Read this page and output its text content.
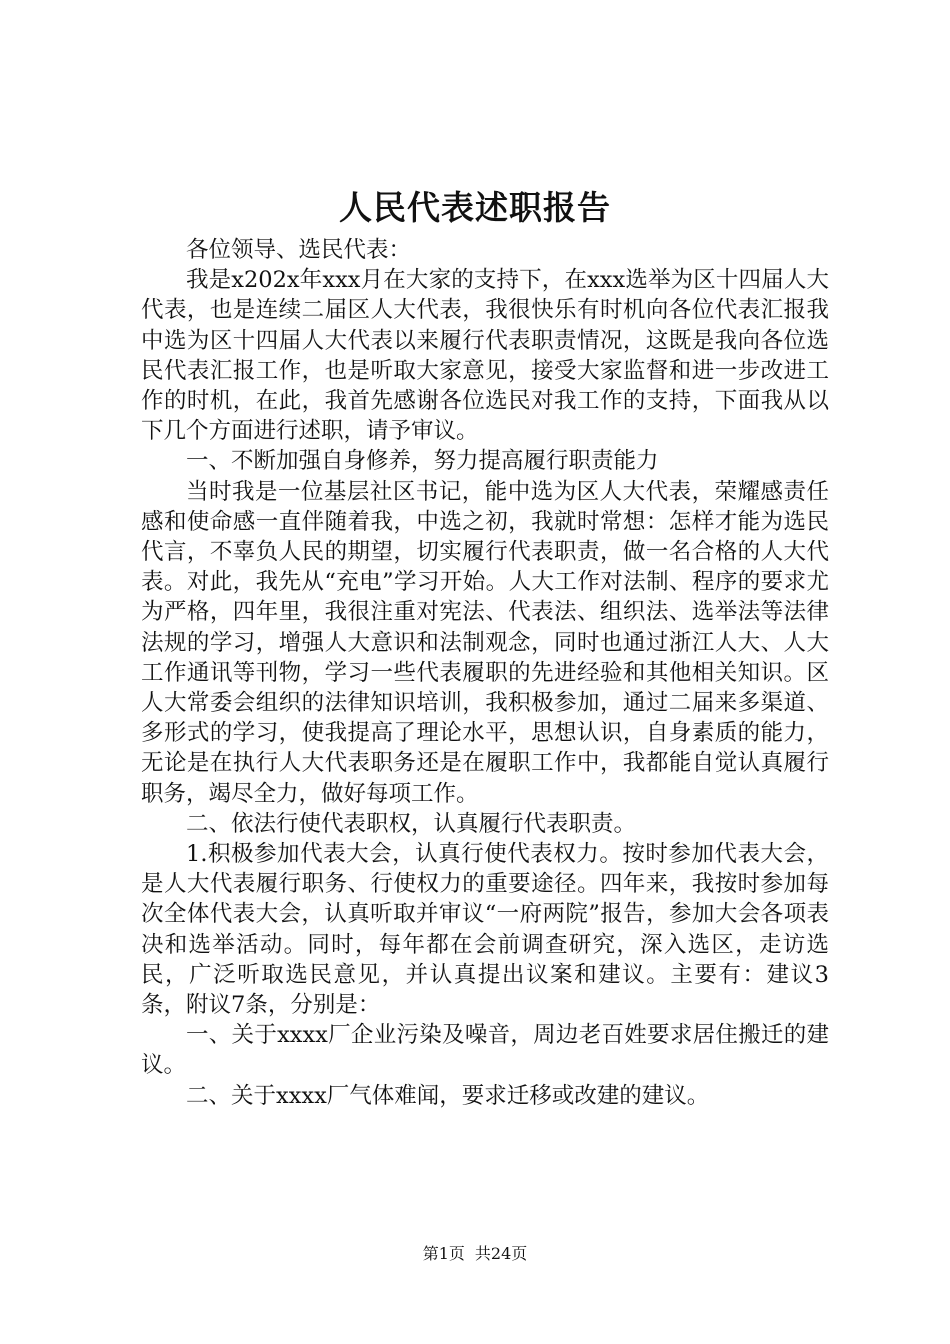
人民代表述职报告

各位领导、选民代表：

我是x202x年xxx月在大家的支持下，在xxx选举为区十四届人大代表，也是连续二届区人大代表，我很快乐有时机向各位代表汇报我中选为区十四届人大代表以来履行代表职责情况，这既是我向各位选民代表汇报工作，也是听取大家意见，接受大家监督和进一步改进工作的时机，在此，我首先感谢各位选民对我工作的支持，下面我从以下几个方面进行述职，请予审议。

一、不断加强自身修养，努力提高履行职责能力

当时我是一位基层社区书记，能中选为区人大代表，荣耀感责任感和使命感一直伴随着我，中选之初，我就时常想：怎样才能为选民代言，不辜负人民的期望，切实履行代表职责，做一名合格的人大代表。对此，我先从“充电”学习开始。人大工作对法制、程序的要求尤为严格，四年里，我很注重对宪法、代表法、组织法、选举法等法律法规的学习，增强人大意识和法制观念，同时也通过浙江人大、人大工作通讯等刊物，学习一些代表履职的先进经验和其他相关知识。区人大常委会组织的法律知识培训，我积极参加，通过二届来多渠道、多形式的学习，使我提高了理论水平，思想认识，自身素质的能力，无论是在执行人大代表职务还是在履职工作中，我都能自觉认真履行职务，竭尽全力，做好每项工作。

二、依法行使代表职权，认真履行代表职责。

1.积极参加代表大会，认真行使代表权力。按时参加代表大会，是人大代表履行职务、行使权力的重要途径。四年来，我按时参加每次全体代表大会，认真听取并审议“一府两院”报告，参加大会各项表决和选举活动。同时，每年都在会前调查研究，深入选区，走访选民，广泛听取选民意见，并认真提出议案和建议。主要有：建议3条，附议7条，分别是：

一、关于xxxx厂企业污染及噪音，周边老百姓要求居住搬迁的建议。

二、关于xxxx厂气体难闻，要求迁移或改建的建议。

第1页 共24页
